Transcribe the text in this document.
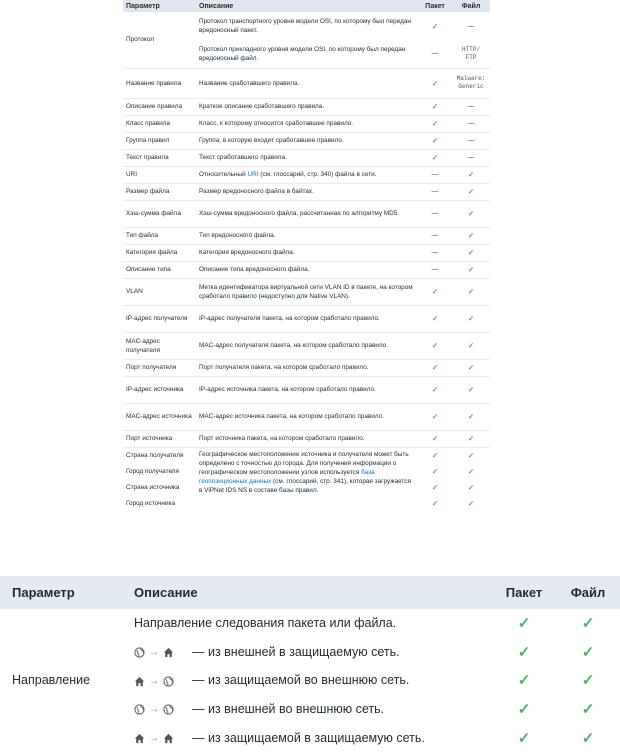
Параметр	Описание	Пакет	Файл
Протокол	Протокол транспортного уровня модели OSI, по которому был передан вредоносный пакет.	✓	—
	Протокол прикладного уровня модели OSI, по которому был передан вредоносный файл.	—	HTTP/
FTP
Название правила	Название сработавшего правила.	✓	Malware:
Generic
Описание правила	Краткое описание сработавшего правила.	✓	—
Класс правила	Класс, к которому относится сработавшее правило.	✓	—
Группа правил	Группа, в которую входит сработавшее правило.	✓	—
Текст правила	Текст сработавшего правила.	✓	—
URI	Относительный URI (см. глоссарий, стр. 340) файла в сети.	—	✓
Размер файла	Размер вредоносного файла в байтах.	—	✓
Хэш-сумма файла	Хэш-сумма вредоносного файла, рассчитанная по алгоритму MD5.	—	✓
Тип файла	Тип вредоносного файла.	—	✓
Категория файла	Категория вредоносного файла.	—	✓
Описание типа	Описание типа вредоносного файла.	—	✓
VLAN	Метка идентификатора виртуальной сети VLAN ID в пакете, на котором сработало правило (недоступно для Native VLAN).	✓	✓
IP-адрес получателя	IP-адрес получателя пакета, на котором сработало правило.	✓	✓
MAC-адрес получателя	MAC-адрес получателя пакета, на котором сработало правило.	✓	✓
Порт получателя	Порт получателя пакета, на котором сработало правило.	✓	✓
IP-адрес источника	IP-адрес источника пакета, на котором сработало правило.	✓	✓
MAC-адрес источника	MAC-адрес источника пакета, на котором сработало правило.	✓	✓
Порт источника	Порт источника пакета, на котором сработало правило.	✓	✓
Страна получателя	Географическое местоположение источника и получателя может быть определено с точностью до города. Для получения информации о географическом местоположении узлов используется база геопозиционных данных (см. глоссарий, стр. 341), которая загружается в ViPNet IDS NS в составе базы правил.	✓	✓
Город получателя		✓	✓
Страна источника		✓	✓
Город источника		✓	✓
Параметр	Описание	Пакет	Файл
Направление	Направление следования пакета или файла.	✓	✓

	→ — из внешней в защищаемую сеть.	✓	✓

	→ — из защищаемой во внешнюю сеть.	✓	✓

	→ — из внешней во внешнюю сеть.	✓	✓

	→ — из защищаемой в защищаемую сеть.	✓	✓
